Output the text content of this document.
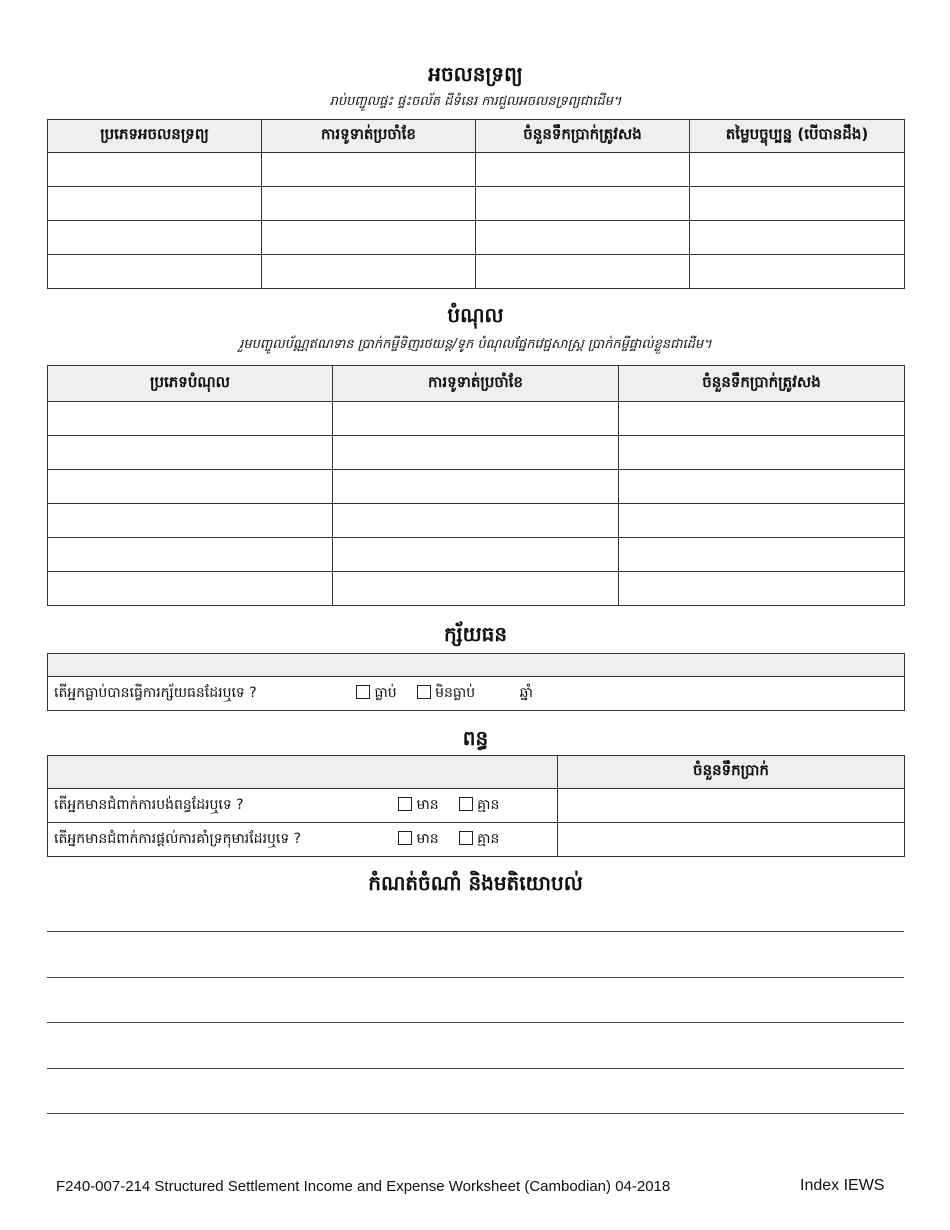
អចលនទ្រព្យ
រាប់បញ្ចូលផ្ទះ ផ្ទះចល័ត ដីទំនេរ ការជួលអចលនទ្រព្យជាដើម។
ប្រភេទអចលនទ្រព្យ	ការទូទាត់ប្រចាំខែ	ចំនួនទឹកប្រាក់ត្រូវសង	តម្លៃបច្ចុប្បន្ន (បើបានដឹង)

បំណុល
រួមបញ្ចូលប័ណ្ណឥណទាន ប្រាក់កម្ចីទិញរថយន្ត/ទូក បំណុលផ្នែកវេជ្ជសាស្ត្រ ប្រាក់កម្ចីផ្ទាល់ខ្លួនជាដើម។
ប្រភេទបំណុល	ការទូទាត់ប្រចាំខែ	ចំនួនទឹកប្រាក់ត្រូវសង

ក្ស័យធន

តើអ្នកធ្លាប់បានធ្វើការក្ស័យធនដែរឬទេ ?	ធ្លាប់	មិនធ្លាប់	ឆ្នាំ
ពន្ធ
	ចំនួនទឹកប្រាក់
តើអ្នកមានជំពាក់ការបង់ពន្ធដែរឬទេ ? មាន គ្មាន	
តើអ្នកមានជំពាក់ការផ្តល់ការគាំទ្រកុមារដែរឬទេ ? មាន គ្មាន	
កំណត់ចំណាំ និងមតិយោបល់
F240-007-214 Structured Settlement Income and Expense Worksheet (Cambodian) 04-2018	Index IEWS
